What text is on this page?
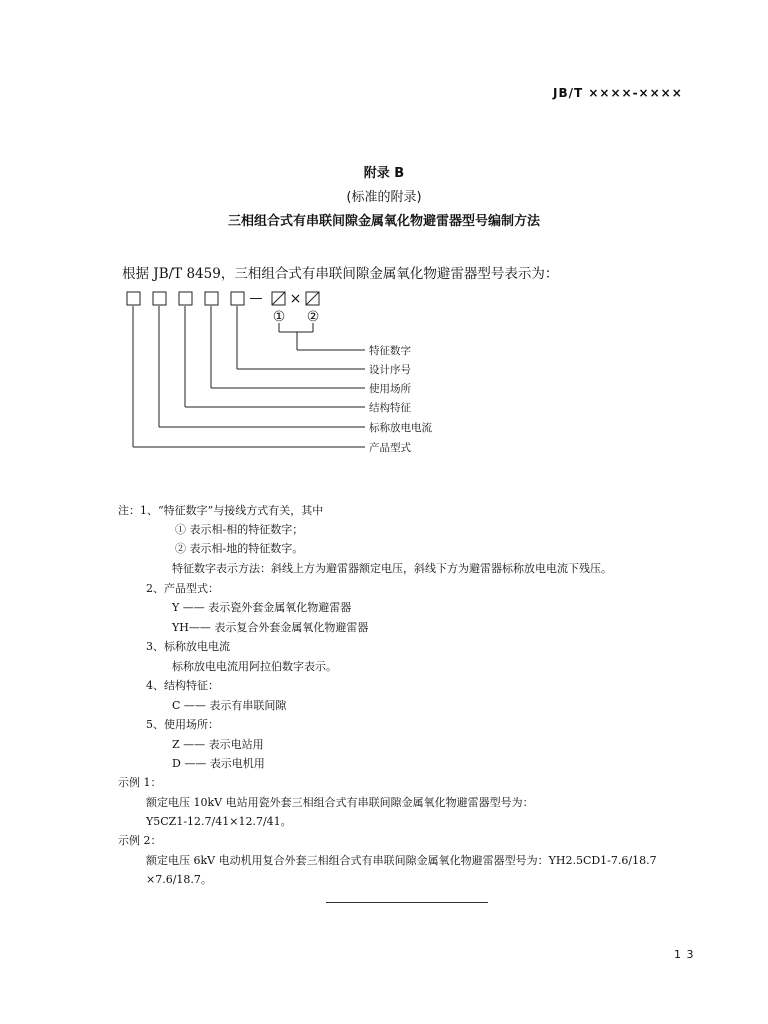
JB/T ××××-××××
附录 B
(标准的附录)
三相组合式有串联间隙金属氧化物避雷器型号编制方法
根据 JB/T 8459，三相组合式有串联间隙金属氧化物避雷器型号表示为：
×
① ②
特征数字
设计序号
使用场所
结构特征
标称放电电流
产品型式
注：1、“特征数字”与接线方式有关，其中
① 表示相-相的特征数字；
② 表示相-地的特征数字。
特征数字表示方法：斜线上方为避雷器额定电压，斜线下方为避雷器标称放电电流下残压。
2、产品型式：
Y —— 表示瓷外套金属氧化物避雷器
YH—— 表示复合外套金属氧化物避雷器
3、标称放电电流
标称放电电流用阿拉伯数字表示。
4、结构特征：
C —— 表示有串联间隙
5、使用场所：
Z —— 表示电站用
D —— 表示电机用
示例 1：
额定电压 10kV 电站用瓷外套三相组合式有串联间隙金属氧化物避雷器型号为：
Y5CZ1-12.7/41×12.7/41。
示例 2：
额定电压 6kV 电动机用复合外套三相组合式有串联间隙金属氧化物避雷器型号为：YH2.5CD1-7.6/18.7
×7.6/18.7。
1 3
